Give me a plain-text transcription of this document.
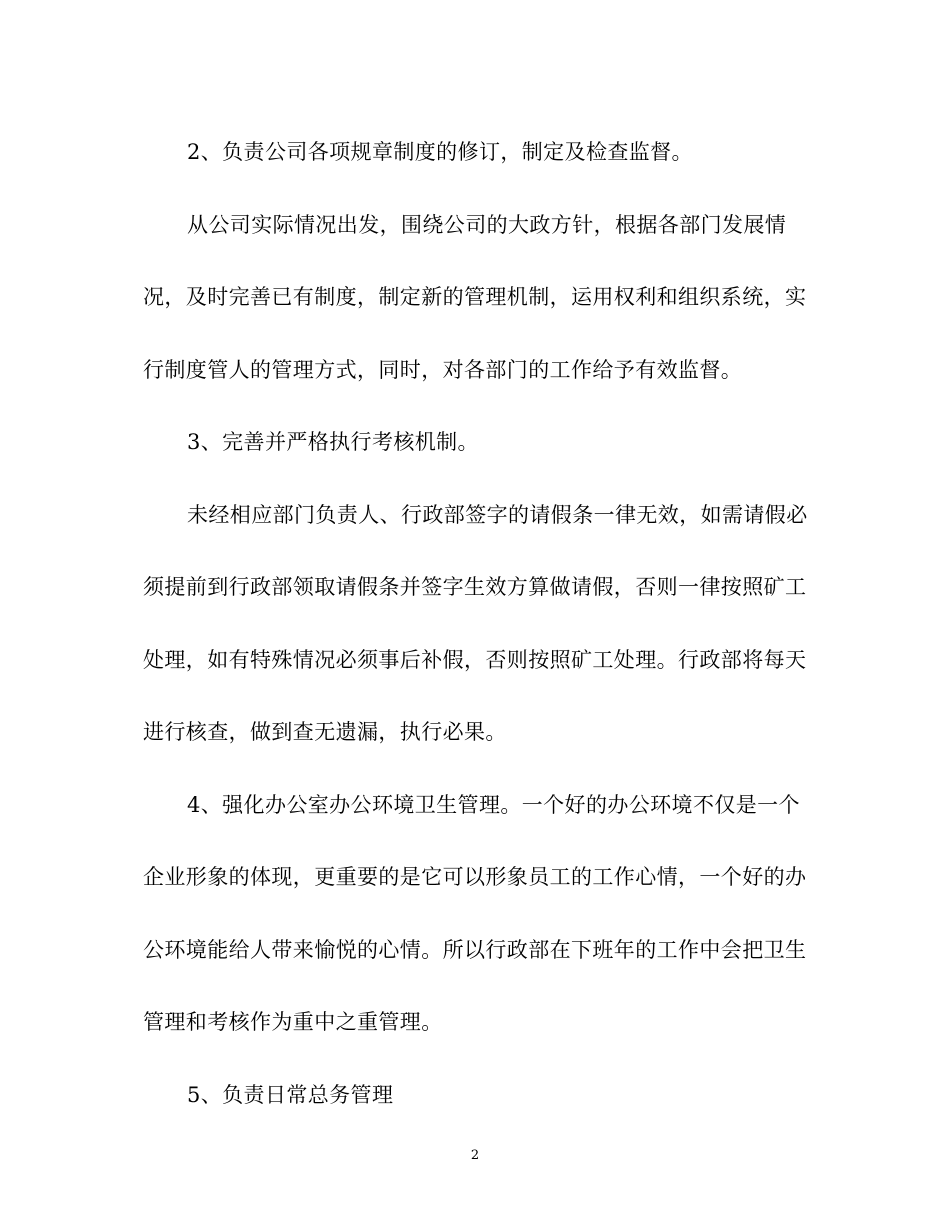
2、负责公司各项规章制度的修订，制定及检查监督。

从公司实际情况出发，围绕公司的大政方针，根据各部门发展情况，及时完善已有制度，制定新的管理机制，运用权利和组织系统，实行制度管人的管理方式，同时，对各部门的工作给予有效监督。

3、完善并严格执行考核机制。

未经相应部门负责人、行政部签字的请假条一律无效，如需请假必须提前到行政部领取请假条并签字生效方算做请假，否则一律按照矿工处理，如有特殊情况必须事后补假，否则按照矿工处理。行政部将每天进行核查，做到查无遗漏，执行必果。

4、强化办公室办公环境卫生管理。一个好的办公环境不仅是一个企业形象的体现，更重要的是它可以形象员工的工作心情，一个好的办公环境能给人带来愉悦的心情。所以行政部在下班年的工作中会把卫生管理和考核作为重中之重管理。

5、负责日常总务管理

2
